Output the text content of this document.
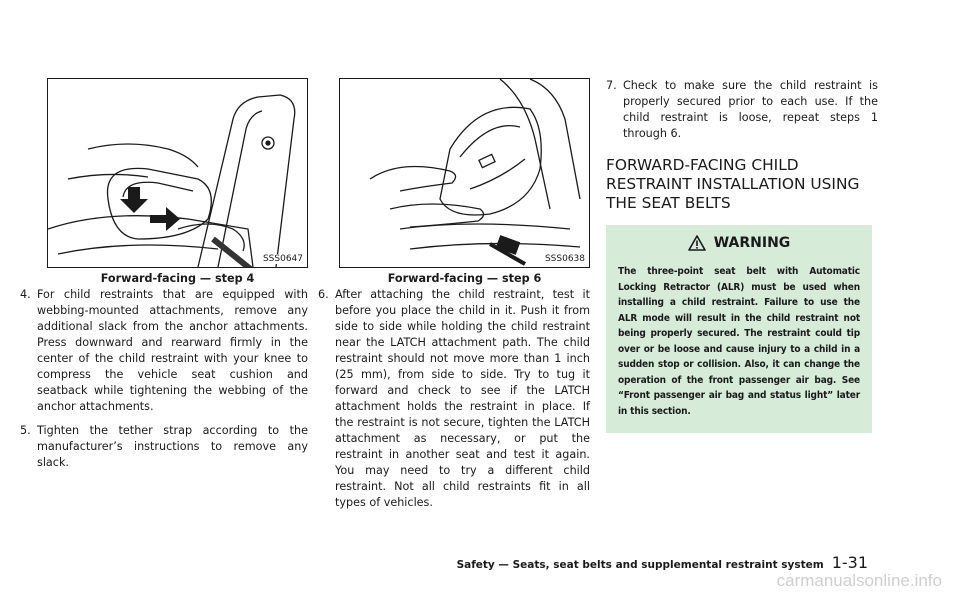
SSS0647
Forward-facing — step 4

4. For child restraints that are equipped with webbing-mounted attachments, remove any additional slack from the anchor attachments. Press downward and rearward firmly in the center of the child restraint with your knee to compress the vehicle seat cushion and seatback while tightening the webbing of the anchor attachments.

5. Tighten the tether strap according to the manufacturer’s instructions to remove any slack.

SSS0638
Forward-facing — step 6

6. After attaching the child restraint, test it before you place the child in it. Push it from side to side while holding the child restraint near the LATCH attachment path. The child restraint should not move more than 1 inch (25 mm), from side to side. Try to tug it forward and check to see if the LATCH attachment holds the restraint in place. If the restraint is not secure, tighten the LATCH attachment as necessary, or put the restraint in another seat and test it again. You may need to try a different child restraint. Not all child restraints fit in all types of vehicles.

7. Check to make sure the child restraint is properly secured prior to each use. If the child restraint is loose, repeat steps 1 through 6.

FORWARD-FACING CHILD RESTRAINT INSTALLATION USING THE SEAT BELTS
WARNING
The three-point seat belt with Automatic Locking Retractor (ALR) must be used when installing a child restraint. Failure to use the ALR mode will result in the child restraint not being properly secured. The restraint could tip over or be loose and cause injury to a child in a sudden stop or collision. Also, it can change the operation of the front passenger air bag. See “Front passenger air bag and status light” later in this section.
Safety — Seats, seat belts and supplemental restraint system 1-31
carmanualsonline.info
